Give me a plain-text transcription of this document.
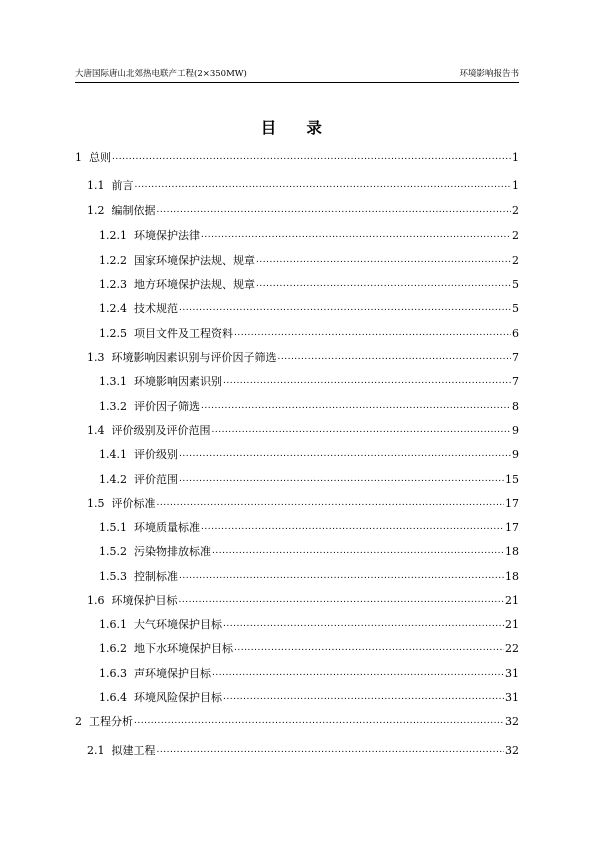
大唐国际唐山北郊热电联产工程(2×350MW)	环境影响报告书
目 录
1 总则 .....	1
1.1 前言 .....	1
1.2 编制依据 .....	2
1.2.1 环境保护法律 .....	2
1.2.2 国家环境保护法规、规章 .....	2
1.2.3 地方环境保护法规、规章 .....	5
1.2.4 技术规范 .....	5
1.2.5 项目文件及工程资料 .....	6
1.3 环境影响因素识别与评价因子筛选 .....	7
1.3.1 环境影响因素识别 .....	7
1.3.2 评价因子筛选 .....	8
1.4 评价级别及评价范围 .....	9
1.4.1 评价级别 .....	9
1.4.2 评价范围 .....	15
1.5 评价标准 .....	17
1.5.1 环境质量标准 .....	17
1.5.2 污染物排放标准 .....	18
1.5.3 控制标准 .....	18
1.6 环境保护目标 .....	21
1.6.1 大气环境保护目标 .....	21
1.6.2 地下水环境保护目标 .....	22
1.6.3 声环境保护目标 .....	31
1.6.4 环境风险保护目标 .....	31
2 工程分析 .....	32
2.1 拟建工程 .....	32
